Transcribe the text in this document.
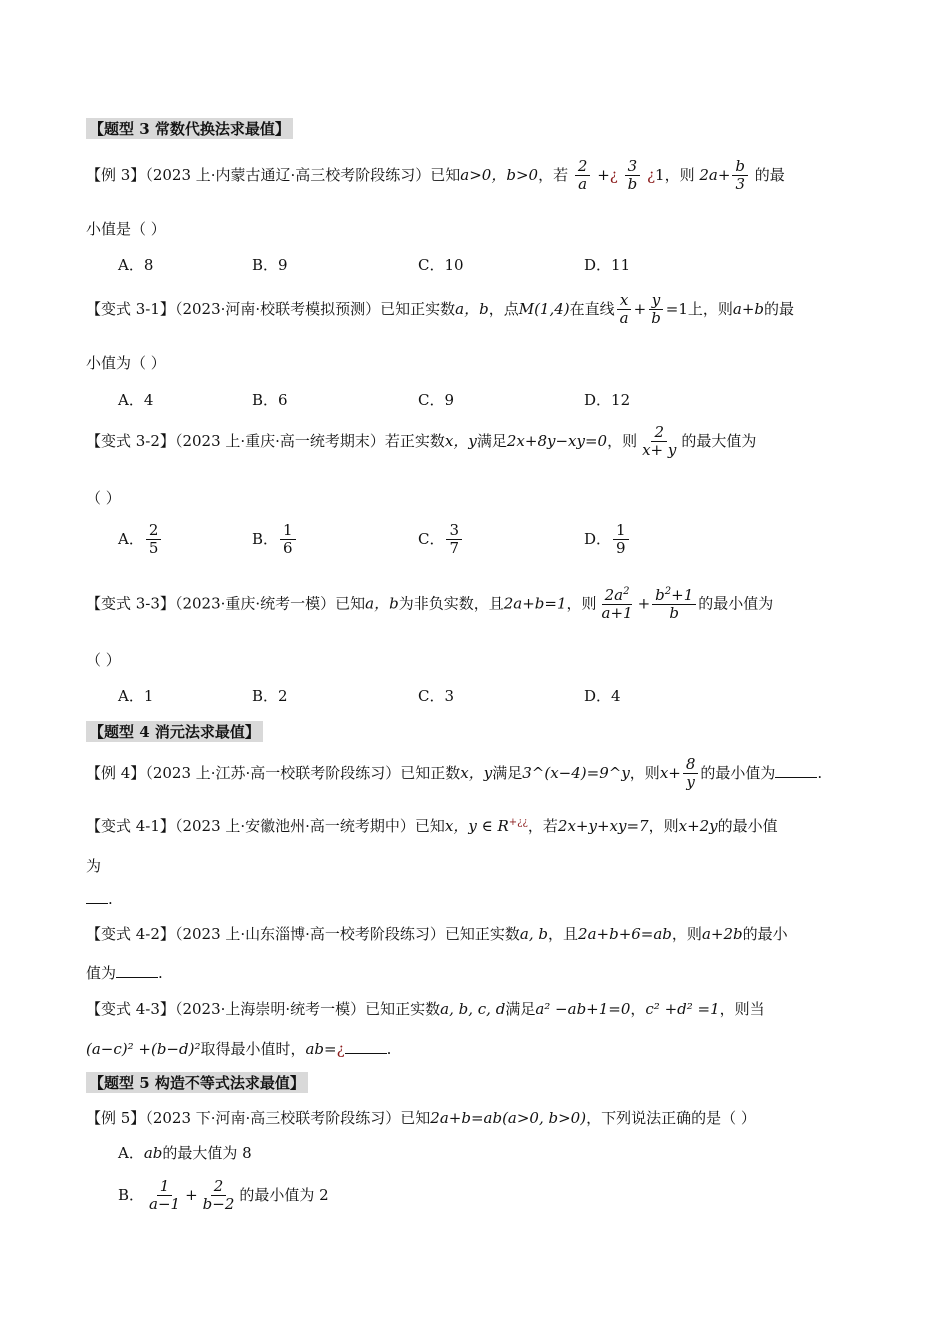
【题型 3 常数代换法求最值】
【例 3】（2023 上·内蒙古通辽·高三校考阶段练习）已知a>0，b>0，若 $\frac{2}{a}$ +¿ $\frac{3}{b}$ ¿1，则 $2a+ \frac{b}{3}$ 的最
小值是（ ）
A．8	B．9	C．10	D．11
【变式 3-1】（2023·河南·校联考模拟预测）已知正实数a，b，点M(1,4)在直线 $\frac{x}{a} + \frac{y}{b} =1$上，则a+b的最
小值为（ ）
A．4	B．6	C．9	D．12
【变式 3-2】（2023 上·重庆·高一统考期末）若正实数x，y满足2x+8y−xy=0，则 $\frac{2}{x+ y}$ 的最大值为
（ ）
A． $\frac{2}{5}$	B． $\frac{1}{6}$	C． $\frac{3}{7}$	D． $\frac{1}{9}$
【变式 3-3】（2023·重庆·统考一模）已知a，b为非负实数，且2a+b=1，则 $\frac{2a^2}{a+1} + \frac{b^2+1}{b}$ 的最小值为
（ ）
A．1	B．2	C．3	D．4
【题型 4 消元法求最值】
【例 4】（2023 上·江苏·高一校联考阶段练习）已知正数x，y满足3^(x−4)=9^y，则$x+ \frac{8}{y}$ 的最小值为	.
【变式 4-1】（2023 上·安徽池州·高一统考期中）已知x，y ∈ R+¿¿，若2x+y+xy=7，则x+2y的最小值
为
.
【变式 4-2】（2023 上·山东淄博·高一校考阶段练习）已知正实数a, b，且2a+b+6=ab，则a+2b的最小
值为	.
【变式 4-3】（2023·上海崇明·统考一模）已知正实数a, b, c, d满足a² −ab+1=0，c² +d² =1，则当
(a−c)² +(b−d)²取得最小值时，ab=¿	.
【题型 5 构造不等式法求最值】
【例 5】（2023 下·河南·高三校联考阶段练习）已知2a+b=ab(a>0, b>0)，下列说法正确的是（ ）
A．ab的最大值为 8
B． $\frac{1}{a-1} + \frac{2}{b-2}$ 的最小值为 2
